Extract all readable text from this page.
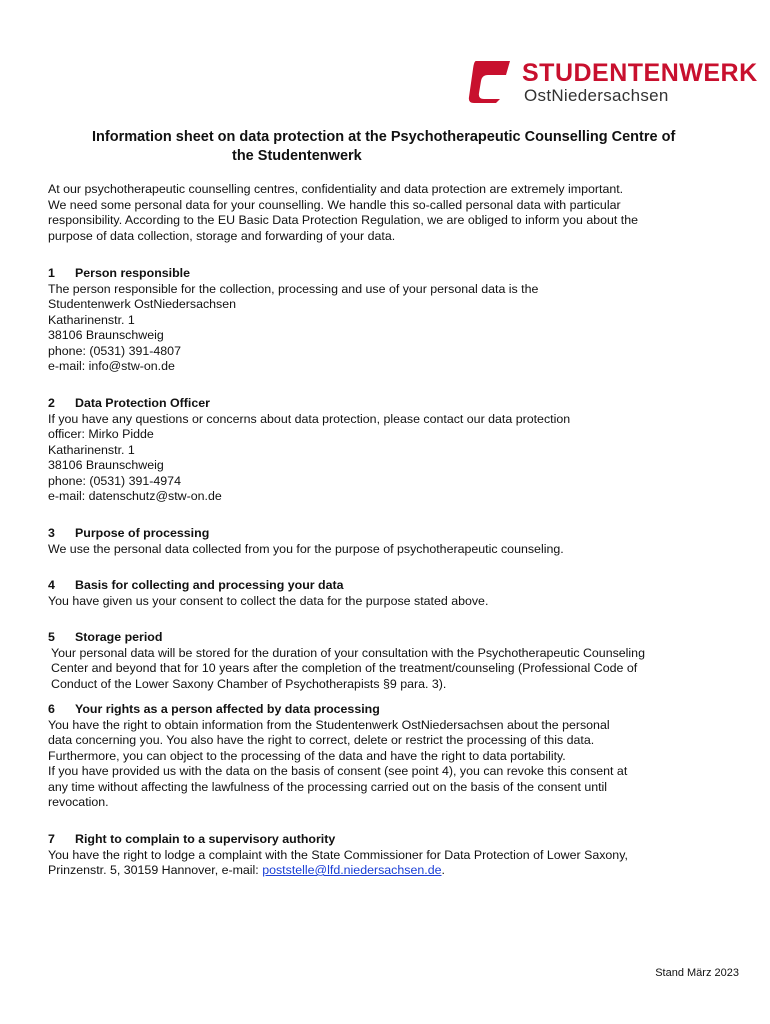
STUDENTENWERK
OstNiedersachsen
Information sheet on data protection at the Psychotherapeutic Counselling Centre of
the Studentenwerk
At our psychotherapeutic counselling centres, confidentiality and data protection are extremely important.
We need some personal data for your counselling. We handle this so-called personal data with particular
responsibility. According to the EU Basic Data Protection Regulation, we are obliged to inform you about the
purpose of data collection, storage and forwarding of your data.
1 Person responsible
The person responsible for the collection, processing and use of your personal data is the
Studentenwerk OstNiedersachsen
Katharinenstr. 1
38106 Braunschweig
phone: (0531) 391-4807
e-mail: info@stw-on.de
2 Data Protection Officer
If you have any questions or concerns about data protection, please contact our data protection
officer: Mirko Pidde
Katharinenstr. 1
38106 Braunschweig
phone: (0531) 391-4974
e-mail: datenschutz@stw-on.de
3 Purpose of processing
We use the personal data collected from you for the purpose of psychotherapeutic counseling.
4 Basis for collecting and processing your data
You have given us your consent to collect the data for the purpose stated above.
5 Storage period
Your personal data will be stored for the duration of your consultation with the Psychotherapeutic Counseling
Center and beyond that for 10 years after the completion of the treatment/counseling (Professional Code of
Conduct of the Lower Saxony Chamber of Psychotherapists §9 para. 3).
6 Your rights as a person affected by data processing
You have the right to obtain information from the Studentenwerk OstNiedersachsen about the personal
data concerning you. You also have the right to correct, delete or restrict the processing of this data.
Furthermore, you can object to the processing of the data and have the right to data portability.
If you have provided us with the data on the basis of consent (see point 4), you can revoke this consent at
any time without affecting the lawfulness of the processing carried out on the basis of the consent until
revocation.
7 Right to complain to a supervisory authority
You have the right to lodge a complaint with the State Commissioner for Data Protection of Lower Saxony,
Prinzenstr. 5, 30159 Hannover, e-mail: poststelle@lfd.niedersachsen.de.
Stand März 2023
